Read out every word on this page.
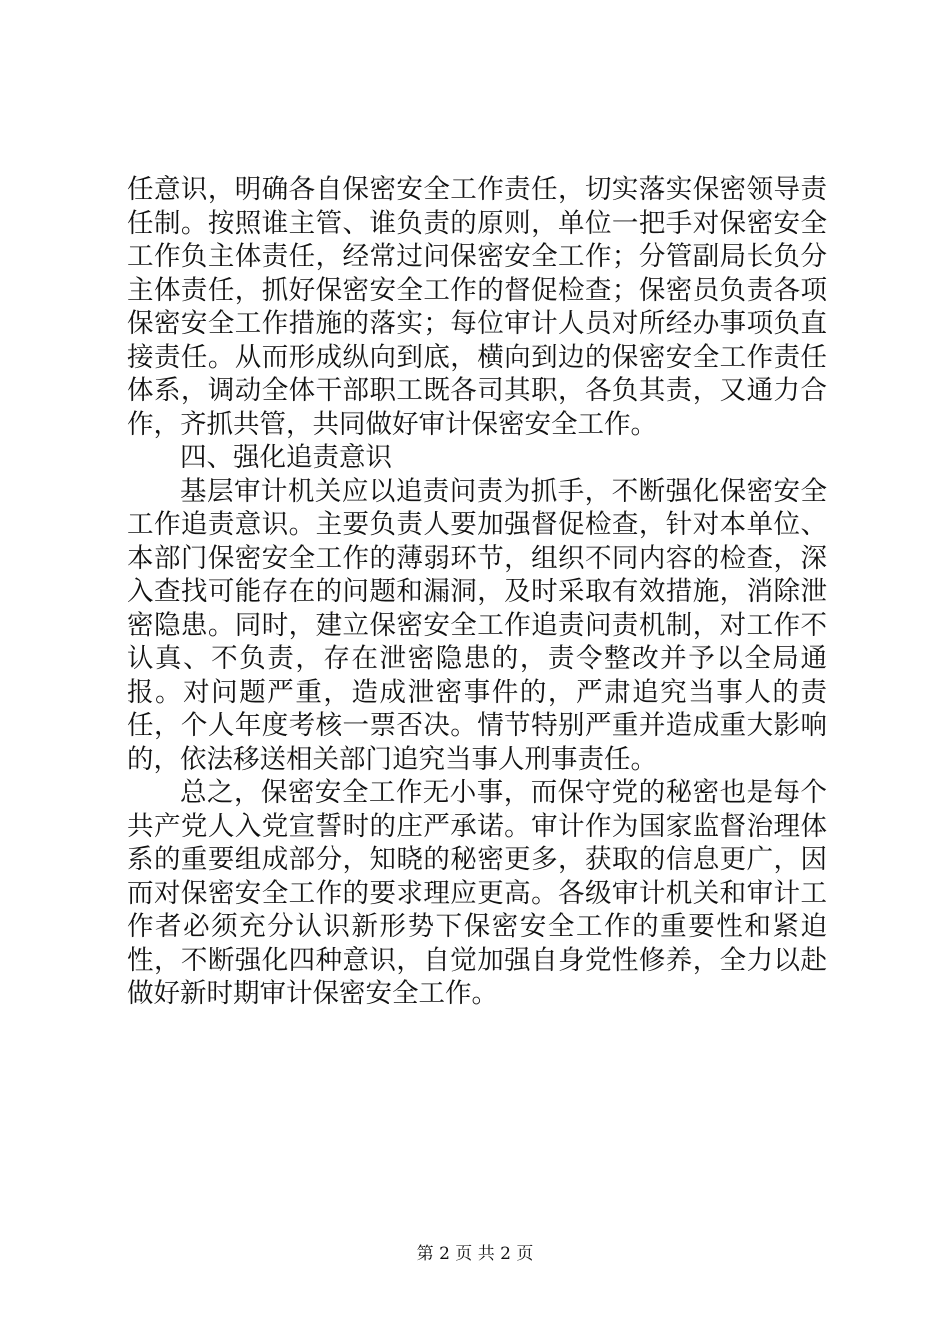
任意识，明确各自保密安全工作责任，切实落实保密领导责任制。按照谁主管、谁负责的原则，单位一把手对保密安全工作负主体责任，经常过问保密安全工作；分管副局长负分主体责任，抓好保密安全工作的督促检查；保密员负责各项保密安全工作措施的落实；每位审计人员对所经办事项负直接责任。从而形成纵向到底，横向到边的保密安全工作责任体系，调动全体干部职工既各司其职，各负其责，又通力合作，齐抓共管，共同做好审计保密安全工作。

四、强化追责意识

基层审计机关应以追责问责为抓手，不断强化保密安全工作追责意识。主要负责人要加强督促检查，针对本单位、本部门保密安全工作的薄弱环节，组织不同内容的检查，深入查找可能存在的问题和漏洞，及时采取有效措施，消除泄密隐患。同时，建立保密安全工作追责问责机制，对工作不认真、不负责，存在泄密隐患的，责令整改并予以全局通报。对问题严重，造成泄密事件的，严肃追究当事人的责任，个人年度考核一票否决。情节特别严重并造成重大影响的，依法移送相关部门追究当事人刑事责任。

总之，保密安全工作无小事，而保守党的秘密也是每个共产党人入党宣誓时的庄严承诺。审计作为国家监督治理体系的重要组成部分，知晓的秘密更多，获取的信息更广，因而对保密安全工作的要求理应更高。各级审计机关和审计工作者必须充分认识新形势下保密安全工作的重要性和紧迫性，不断强化四种意识，自觉加强自身党性修养，全力以赴做好新时期审计保密安全工作。

第 2 页 共 2 页
